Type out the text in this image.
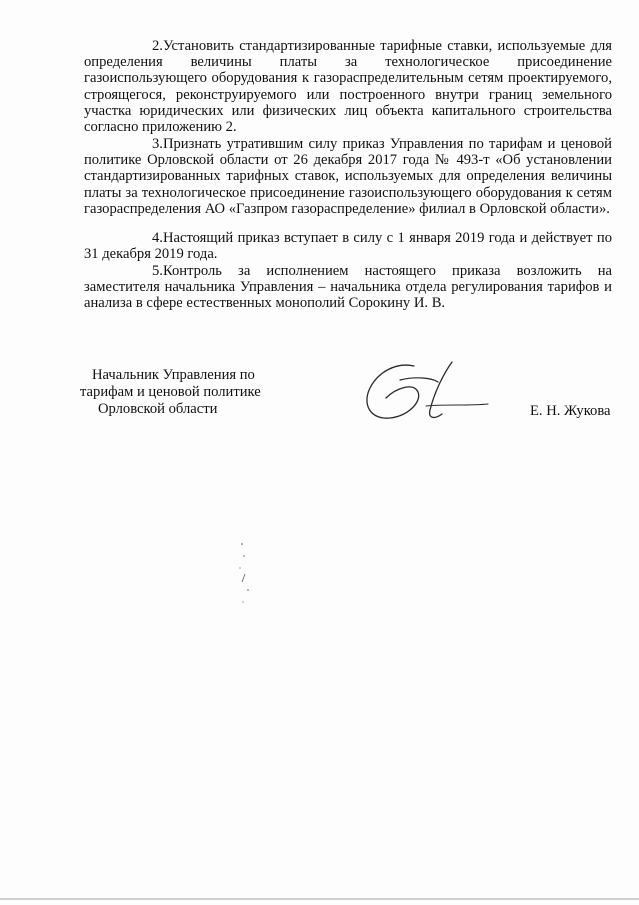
2.Установить стандартизированные тарифные ставки, используемые для определения величины платы за технологическое присоединение газоиспользующего оборудования к газораспределительным сетям проектируемого, строящегося, реконструируемого или построенного внутри границ земельного участка юридических или физических лиц объекта капитального строительства согласно приложению 2.

3.Признать утратившим силу приказ Управления по тарифам и ценовой политике Орловской области от 26 декабря 2017 года № 493-т «Об установлении стандартизированных тарифных ставок, используемых для определения величины платы за технологическое присоединение газоиспользующего оборудования к сетям газораспределения АО «Газпром газораспределение» филиал в Орловской области».

4.Настоящий приказ вступает в силу с 1 января 2019 года и действует по 31 декабря 2019 года.

5.Контроль за исполнением настоящего приказа возложить на заместителя начальника Управления – начальника отдела регулирования тарифов и анализа в сфере естественных монополий Сорокину И. В.

Начальник Управления по
тарифам и ценовой политике
Орловской области	Е. Н. Жукова
